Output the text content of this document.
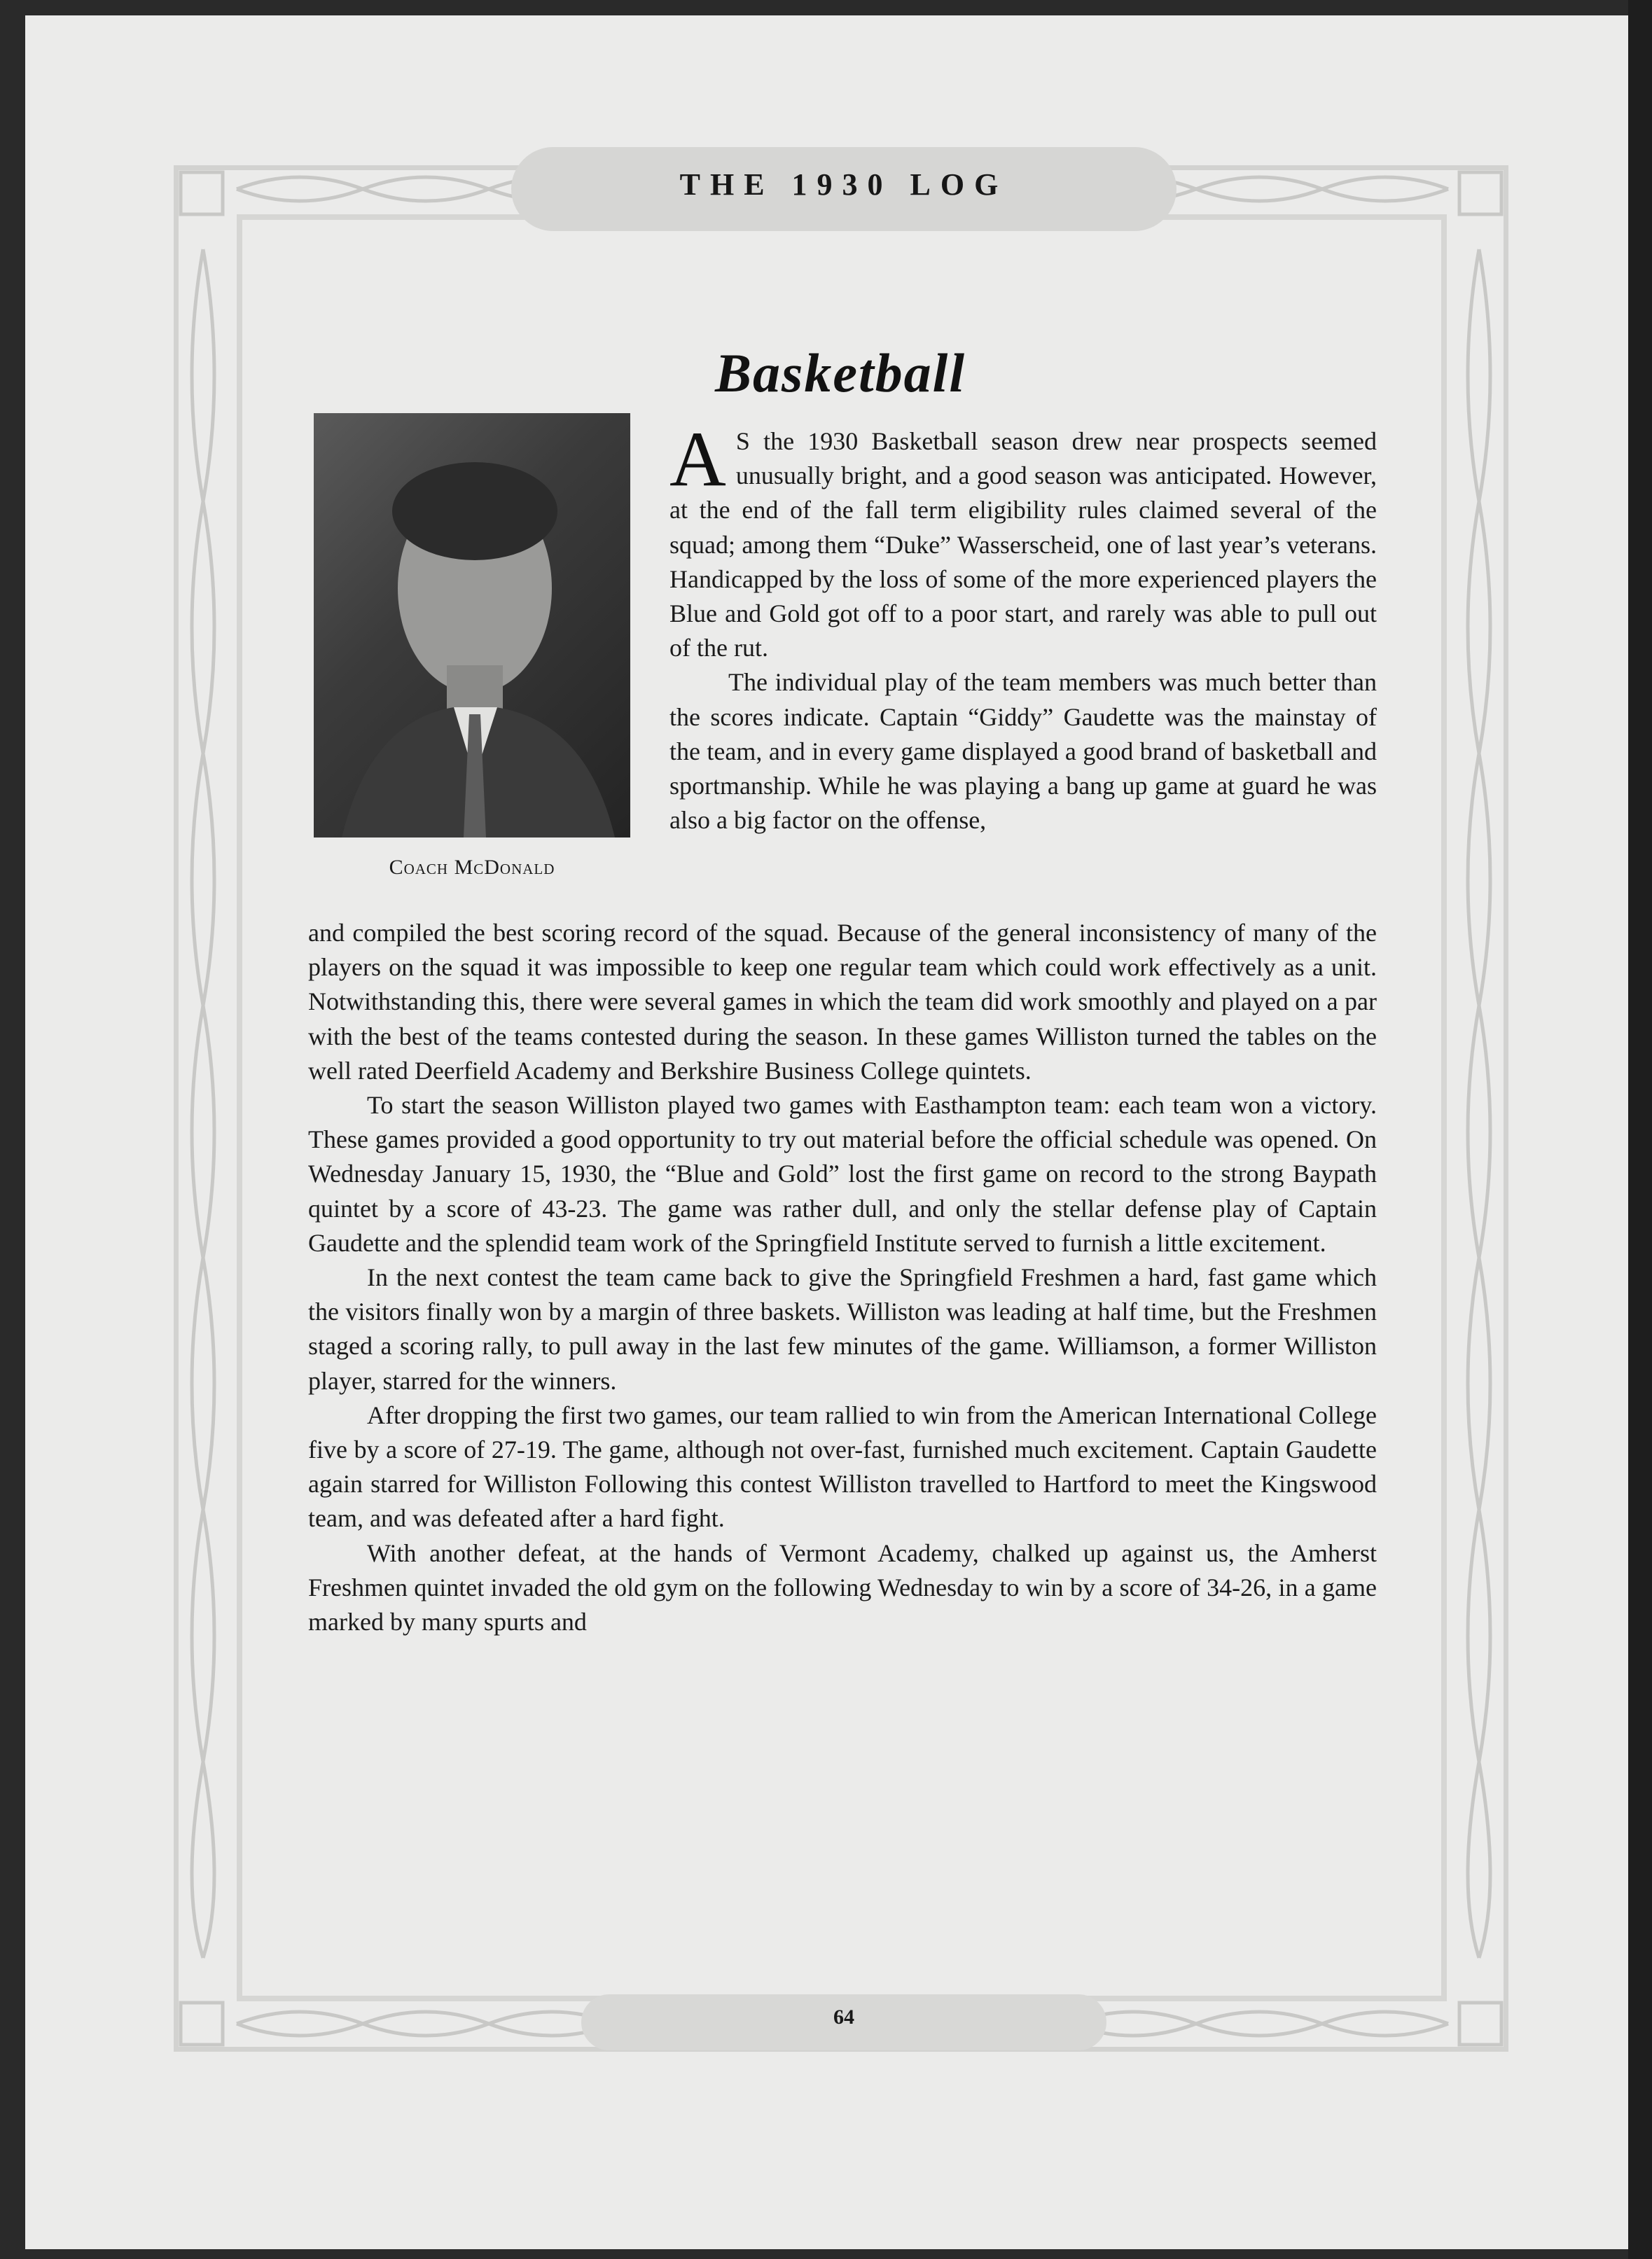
THE 1930 LOG
Basketball
Coach McDonald

A S the 1930 Basketball season drew near prospects seemed unusually bright, and a good season was anticipated. However, at the end of the fall term eligibility rules claimed several of the squad; among them “Duke” Wasserscheid, one of last year’s veterans. Handicapped by the loss of some of the more experienced players the Blue and Gold got off to a poor start, and rarely was able to pull out of the rut.

The individual play of the team members was much better than the scores indicate. Captain “Giddy” Gaudette was the mainstay of the team, and in every game displayed a good brand of basketball and sportmanship. While he was playing a bang up game at guard he was also a big factor on the offense,

and compiled the best scoring record of the squad. Because of the general inconsistency of many of the players on the squad it was impossible to keep one regular team which could work effectively as a unit. Notwithstanding this, there were several games in which the team did work smoothly and played on a par with the best of the teams contested during the season. In these games Williston turned the tables on the well rated Deerfield Academy and Berkshire Business College quintets.

To start the season Williston played two games with Easthampton team: each team won a victory. These games provided a good opportunity to try out material before the official schedule was opened. On Wednesday January 15, 1930, the “Blue and Gold” lost the first game on record to the strong Baypath quintet by a score of 43-23. The game was rather dull, and only the stellar defense play of Captain Gaudette and the splendid team work of the Springfield Institute served to furnish a little excitement.

In the next contest the team came back to give the Springfield Freshmen a hard, fast game which the visitors finally won by a margin of three baskets. Williston was leading at half time, but the Freshmen staged a scoring rally, to pull away in the last few minutes of the game. Williamson, a former Williston player, starred for the winners.

After dropping the first two games, our team rallied to win from the American International College five by a score of 27-19. The game, although not over-fast, furnished much excitement. Captain Gaudette again starred for Williston Following this contest Williston travelled to Hartford to meet the Kingswood team, and was defeated after a hard fight.

With another defeat, at the hands of Vermont Academy, chalked up against us, the Amherst Freshmen quintet invaded the old gym on the following Wednesday to win by a score of 34-26, in a game marked by many spurts and

64
